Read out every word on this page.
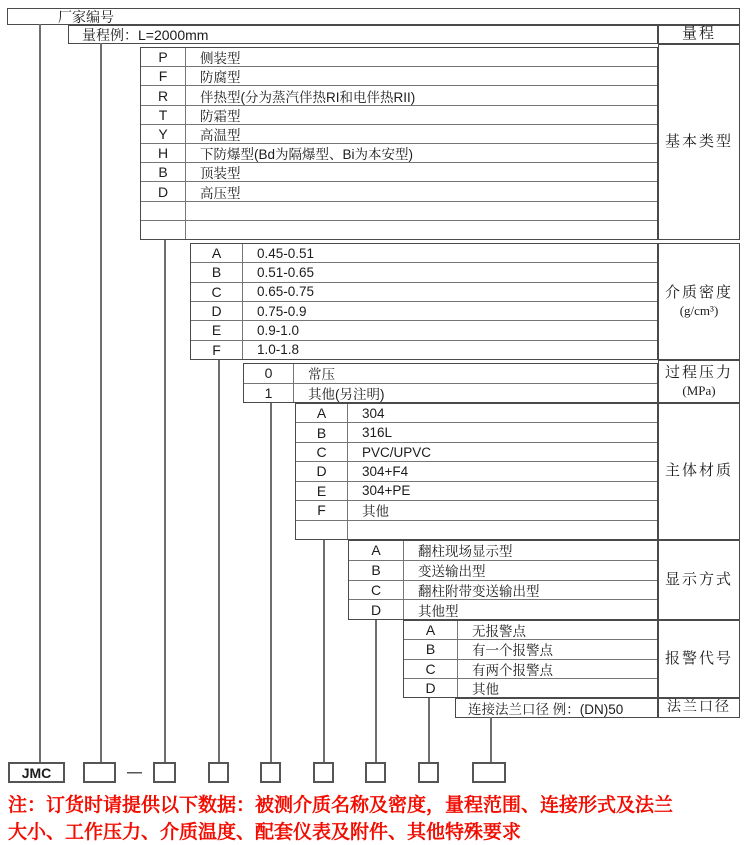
厂家编号
量程例：L=2000mm	量程
P	侧装型
F	防腐型
R	伴热型(分为蒸汽伴热RI和电伴热RII)
T	防霜型
Y	高温型
H	下防爆型(Bd为隔爆型、Bi为本安型)
B	顶装型
D	高压型
基本类型
A	0.45-0.51
B	0.51-0.65
C	0.65-0.75
D	0.75-0.9
E	0.9-1.0
F	1.0-1.8
介质密度
(g/cm³)
0	常压
1	其他(另注明)
过程压力
(MPa)
A	304
B	316L
C	PVC/UPVC
D	304+F4
E	304+PE
F	其他
主体材质
A	翻柱现场显示型
B	变送输出型
C	翻柱附带变送输出型
D	其他型
显示方式
A	无报警点
B	有一个报警点
C	有两个报警点
D	其他
报警代号
连接法兰口径 例：(DN)50	法兰口径
JMC	—
注：订货时请提供以下数据：被测介质名称及密度，量程范围、连接形式及法兰
大小、工作压力、介质温度、配套仪表及附件、其他特殊要求
